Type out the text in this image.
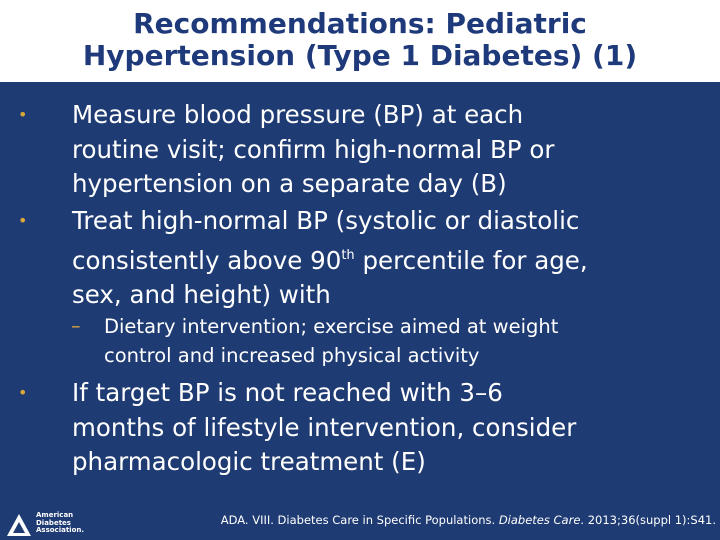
Recommendations: Pediatric
Hypertension (Type 1 Diabetes) (1)
•	Measure blood pressure (BP) at each
routine visit; confirm high-normal BP or
hypertension on a separate day (B)
•	Treat high-normal BP (systolic or diastolic
consistently above 90th percentile for age,
sex, and height) with
– Dietary intervention; exercise aimed at weight
control and increased physical activity
•	If target BP is not reached with 3–6
months of lifestyle intervention, consider
pharmacologic treatment (E)
American
Diabetes
Association.
ADA. VIII. Diabetes Care in Specific Populations. Diabetes Care. 2013;36(suppl 1):S41.
